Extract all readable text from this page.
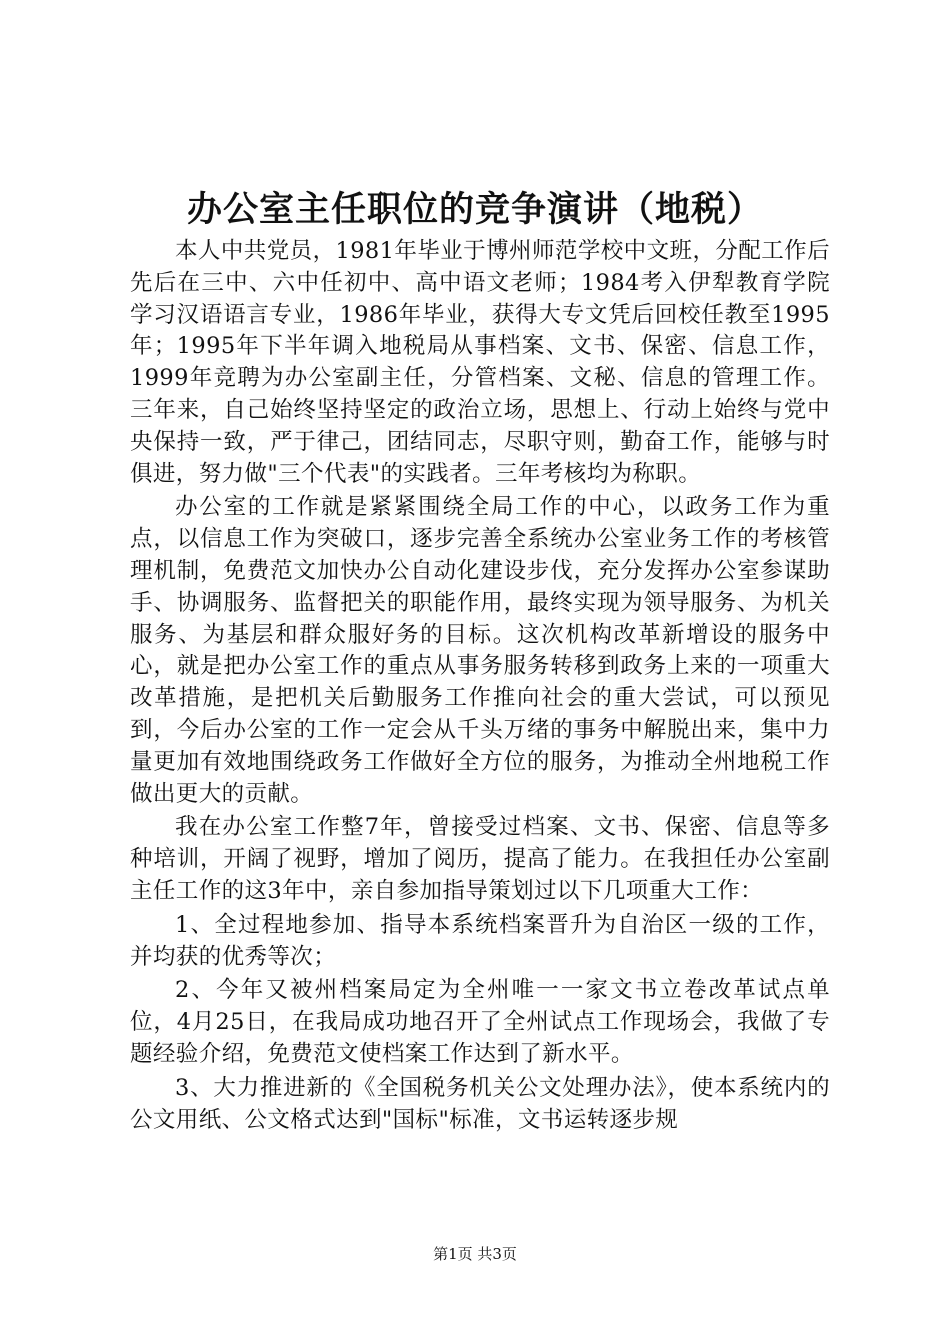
办公室主任职位的竞争演讲（地税）

本人中共党员，1981年毕业于博州师范学校中文班，分配工作后先后在三中、六中任初中、高中语文老师；1984考入伊犁教育学院学习汉语语言专业，1986年毕业，获得大专文凭后回校任教至1995年；1995年下半年调入地税局从事档案、文书、保密、信息工作，1999年竞聘为办公室副主任，分管档案、文秘、信息的管理工作。三年来，自己始终坚持坚定的政治立场，思想上、行动上始终与党中央保持一致，严于律己，团结同志，尽职守则，勤奋工作，能够与时俱进，努力做"三个代表"的实践者。三年考核均为称职。

办公室的工作就是紧紧围绕全局工作的中心，以政务工作为重点，以信息工作为突破口，逐步完善全系统办公室业务工作的考核管理机制，免费范文加快办公自动化建设步伐，充分发挥办公室参谋助手、协调服务、监督把关的职能作用，最终实现为领导服务、为机关服务、为基层和群众服好务的目标。这次机构改革新增设的服务中心，就是把办公室工作的重点从事务服务转移到政务上来的一项重大改革措施，是把机关后勤服务工作推向社会的重大尝试，可以预见到，今后办公室的工作一定会从千头万绪的事务中解脱出来，集中力量更加有效地围绕政务工作做好全方位的服务，为推动全州地税工作做出更大的贡献。

我在办公室工作整7年，曾接受过档案、文书、保密、信息等多种培训，开阔了视野，增加了阅历，提高了能力。在我担任办公室副主任工作的这3年中，亲自参加指导策划过以下几项重大工作：

1、全过程地参加、指导本系统档案晋升为自治区一级的工作，并均获的优秀等次；

2、今年又被州档案局定为全州唯一一家文书立卷改革试点单位，4月25日，在我局成功地召开了全州试点工作现场会，我做了专题经验介绍，免费范文使档案工作达到了新水平。

3、大力推进新的《全国税务机关公文处理办法》，使本系统内的公文用纸、公文格式达到"国标"标准，文书运转逐步规

第1页 共3页
